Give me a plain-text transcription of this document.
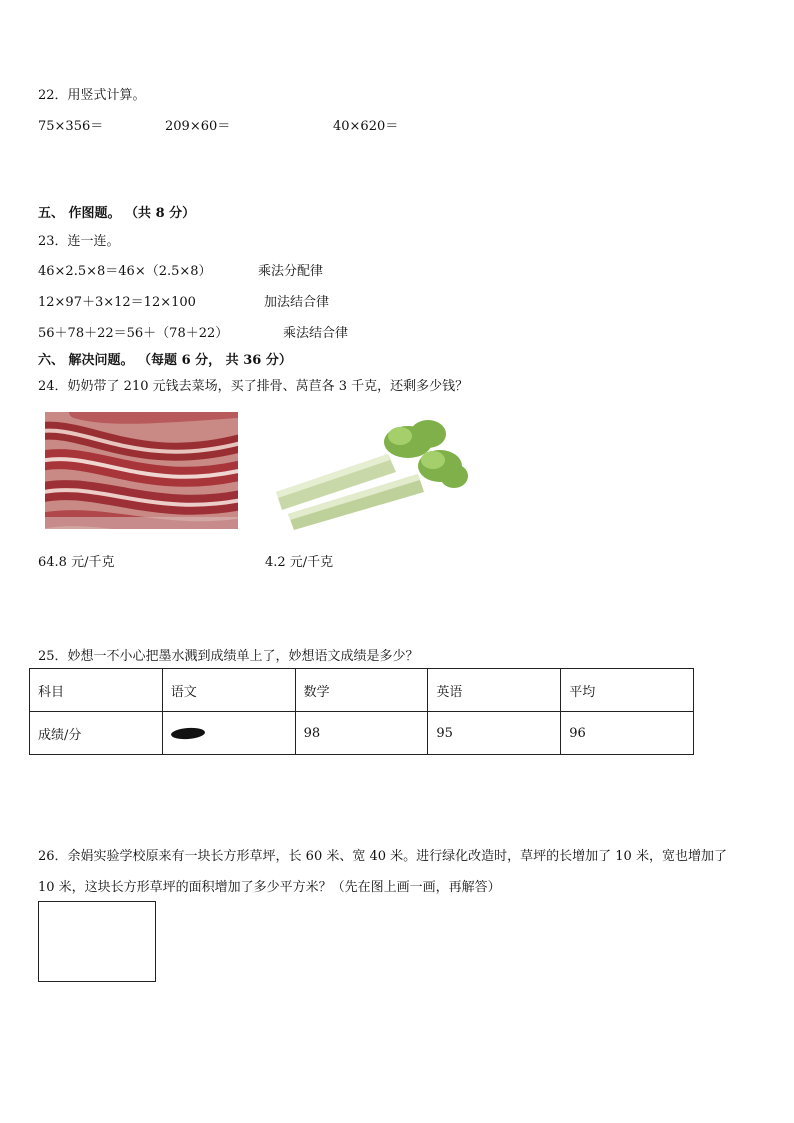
22．用竖式计算。
75×356＝	209×60＝	40×620＝
五、 作图题。 （共 8 分）
23．连一连。
46×2.5×8＝46×（2.5×8）	乘法分配律
12×97＋3×12＝12×100	加法结合律
56＋78＋22＝56＋（78＋22）	乘法结合律
六、 解决问题。 （每题 6 分， 共 36 分）
24．奶奶带了 210 元钱去菜场，买了排骨、莴苣各 3 千克，还剩多少钱？
64.8 元/千克	4.2 元/千克
25．妙想一不小心把墨水溅到成绩单上了，妙想语文成绩是多少？
科目	语文	数学	英语	平均
成绩/分		98	95	96
26．余娟实验学校原来有一块长方形草坪，长 60 米、宽 40 米。进行绿化改造时，草坪的长增加了 10 米，宽也增加了
10 米，这块长方形草坪的面积增加了多少平方米？（先在图上画一画，再解答）
